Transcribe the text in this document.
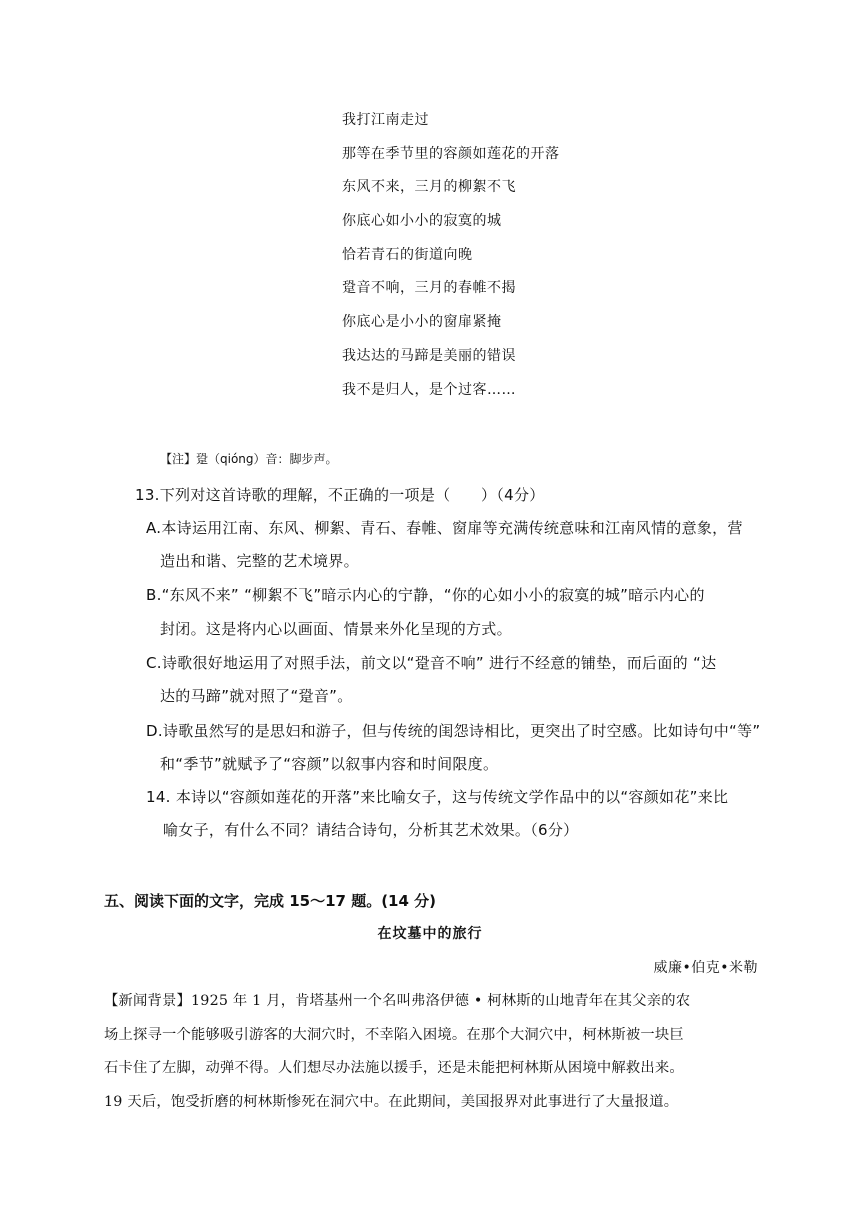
我打江南走过
那等在季节里的容颜如莲花的开落
东风不来，三月的柳絮不飞
你底心如小小的寂寞的城
恰若青石的街道向晚
跫音不响，三月的春帷不揭
你底心是小小的窗扉紧掩
我达达的马蹄是美丽的错误
我不是归人，是个过客……
【注】跫（qióng）音：脚步声。
13.下列对这首诗歌的理解，不正确的一项是（　　）（4分）
A.本诗运用江南、东风、柳絮、青石、春帷、窗扉等充满传统意味和江南风情的意象，营
造出和谐、完整的艺术境界。
B.“东风不来” “柳絮不飞”暗示内心的宁静，“你的心如小小的寂寞的城”暗示内心的
封闭。这是将内心以画面、情景来外化呈现的方式。
C.诗歌很好地运用了对照手法，前文以“跫音不响” 进行不经意的铺垫，而后面的 “达
达的马蹄”就对照了“跫音”。
D.诗歌虽然写的是思妇和游子，但与传统的闺怨诗相比，更突出了时空感。比如诗句中“等”
和“季节”就赋予了“容颜”以叙事内容和时间限度。
14. 本诗以“容颜如莲花的开落”来比喻女子，这与传统文学作品中的以“容颜如花”来比
喻女子，有什么不同？请结合诗句，分析其艺术效果。（6分）
五、阅读下面的文字，完成 15～17 题。(14 分)
在坟墓中的旅行
威廉•伯克•米勒
【新闻背景】1925 年 1 月，肯塔基州一个名叫弗洛伊德 • 柯林斯的山地青年在其父亲的农
场上探寻一个能够吸引游客的大洞穴时，不幸陷入困境。在那个大洞穴中，柯林斯被一块巨
石卡住了左脚，动弹不得。人们想尽办法施以援手，还是未能把柯林斯从困境中解救出来。
19 天后，饱受折磨的柯林斯惨死在洞穴中。在此期间，美国报界对此事进行了大量报道。
